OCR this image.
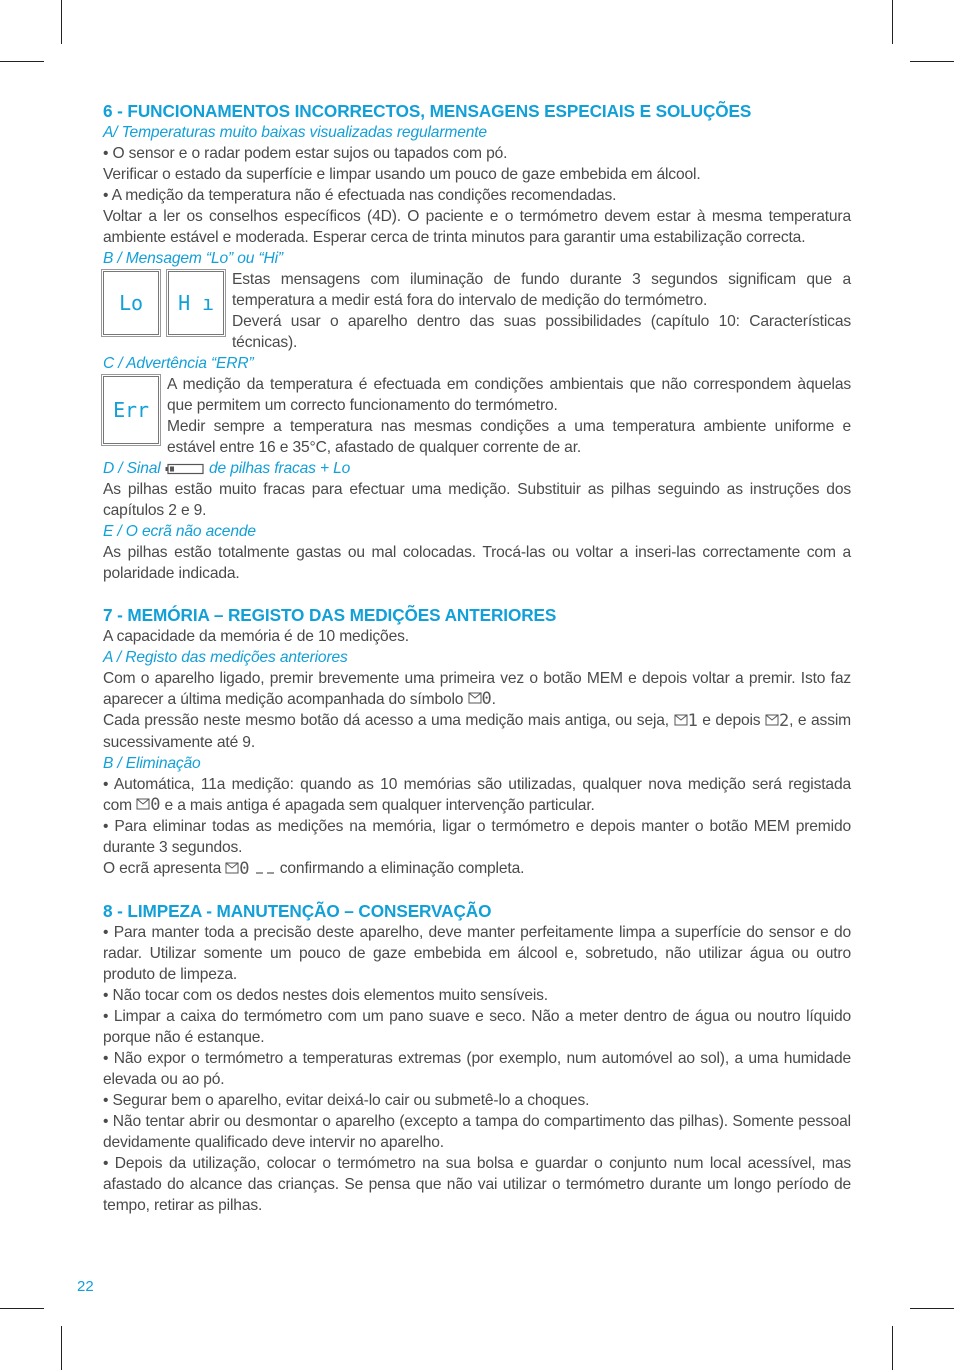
6 - FUNCIONAMENTOS INCORRECTOS, MENSAGENS ESPECIAIS E SOLUÇÕES

A/ Temperaturas muito baixas visualizadas regularmente

• O sensor e o radar podem estar sujos ou tapados com pó.

Verificar o estado da superfície e limpar usando um pouco de gaze embebida em álcool.

• A medição da temperatura não é efectuada nas condições recomendadas.

Voltar a ler os conselhos específicos (4D). O paciente e o termómetro devem estar à mesma temperatura ambiente estável e moderada. Esperar cerca de trinta minutos para garantir uma estabilização correcta.

B / Mensagem “Lo” ou “Hi”

Lo H ı

Estas mensagens com iluminação de fundo durante 3 segundos significam que a temperatura a medir está fora do intervalo de medição do termómetro.

Deverá usar o aparelho dentro das suas possibilidades (capítulo 10: Características técnicas).

C / Advertência “ERR”

Err

A medição da temperatura é efectuada em condições ambientais que não correspondem àquelas que permitem um correcto funcionamento do termómetro.

Medir sempre a temperatura nas mesmas condições a uma temperatura ambiente uniforme e estável entre 16 e 35°C, afastado de qualquer corrente de ar.

D / Sinal	de pilhas fracas + Lo

As pilhas estão muito fracas para efectuar uma medição. Substituir as pilhas seguindo as instruções dos capítulos 2 e 9.

E / O ecrã não acende

As pilhas estão totalmente gastas ou mal colocadas. Trocá-las ou voltar a inseri-las correctamente com a polaridade indicada.

7 - MEMÓRIA – REGISTO DAS MEDIÇÕES ANTERIORES

A capacidade da memória é de 10 medições.

A / Registo das medições anteriores

Com o aparelho ligado, premir brevemente uma primeira vez o botão MEM e depois voltar a premir. Isto faz aparecer a última medição acompanhada do símbolo 0.

Cada pressão neste mesmo botão dá acesso a uma medição mais antiga, ou seja, 1 e depois 2, e assim sucessivamente até 9.

B / Eliminação

• Automática, 11a medição: quando as 10 memórias são utilizadas, qualquer nova medição será registada com 0 e a mais antiga é apagada sem qualquer intervenção particular.

• Para eliminar todas as medições na memória, ligar o termómetro e depois manter o botão MEM premido durante 3 segundos.

O ecrã apresenta 0 confirmando a eliminação completa.

8 - LIMPEZA - MANUTENÇÃO – CONSERVAÇÃO

• Para manter toda a precisão deste aparelho, deve manter perfeitamente limpa a superfície do sensor e do radar. Utilizar somente um pouco de gaze embebida em álcool e, sobretudo, não utilizar água ou outro produto de limpeza.

• Não tocar com os dedos nestes dois elementos muito sensíveis.

• Limpar a caixa do termómetro com um pano suave e seco. Não a meter dentro de água ou noutro líquido porque não é estanque.

• Não expor o termómetro a temperaturas extremas (por exemplo, num automóvel ao sol), a uma humidade elevada ou ao pó.

• Segurar bem o aparelho, evitar deixá-lo cair ou submetê-lo a choques.

• Não tentar abrir ou desmontar o aparelho (excepto a tampa do compartimento das pilhas). Somente pessoal devidamente qualificado deve intervir no aparelho.

• Depois da utilização, colocar o termómetro na sua bolsa e guardar o conjunto num local acessível, mas afastado do alcance das crianças. Se pensa que não vai utilizar o termómetro durante um longo período de tempo, retirar as pilhas.

22
